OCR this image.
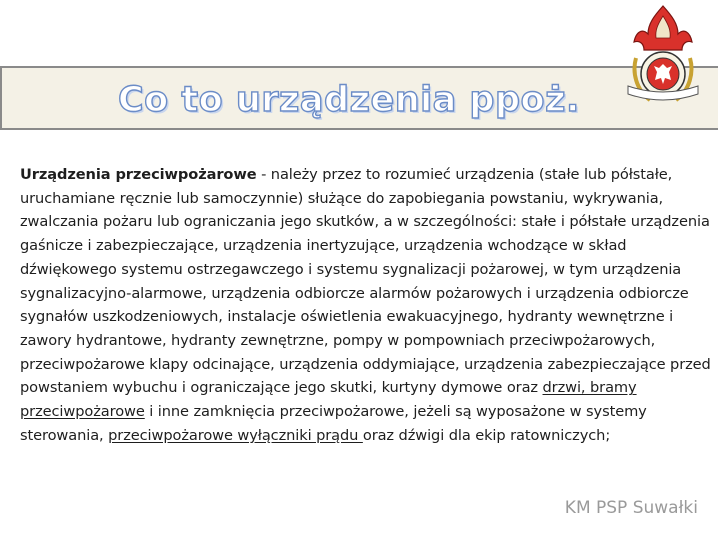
Co to urządzenia ppoż.

Urządzenia przeciwpożarowe - należy przez to rozumieć urządzenia (stałe lub półstałe, uruchamiane ręcznie lub samoczynnie) służące do zapobiegania powstaniu, wykrywania, zwalczania pożaru lub ograniczania jego skutków, a w szczególności: stałe i półstałe urządzenia gaśnicze i zabezpieczające, urządzenia inertyzujące, urządzenia wchodzące w skład dźwiękowego systemu ostrzegawczego i systemu sygnalizacji pożarowej, w tym urządzenia sygnalizacyjno-alarmowe, urządzenia odbiorcze alarmów pożarowych i urządzenia odbiorcze sygnałów uszkodzeniowych, instalacje oświetlenia ewakuacyjnego, hydranty wewnętrzne i zawory hydrantowe, hydranty zewnętrzne, pompy w pompowniach przeciwpożarowych, przeciwpożarowe klapy odcinające, urządzenia oddymiające, urządzenia zabezpieczające przed powstaniem wybuchu i ograniczające jego skutki, kurtyny dymowe oraz drzwi, bramy przeciwpożarowe i inne zamknięcia przeciwpożarowe, jeżeli są wyposażone w systemy sterowania, przeciwpożarowe wyłączniki prądu oraz dźwigi dla ekip ratowniczych;

KM PSP Suwałki
